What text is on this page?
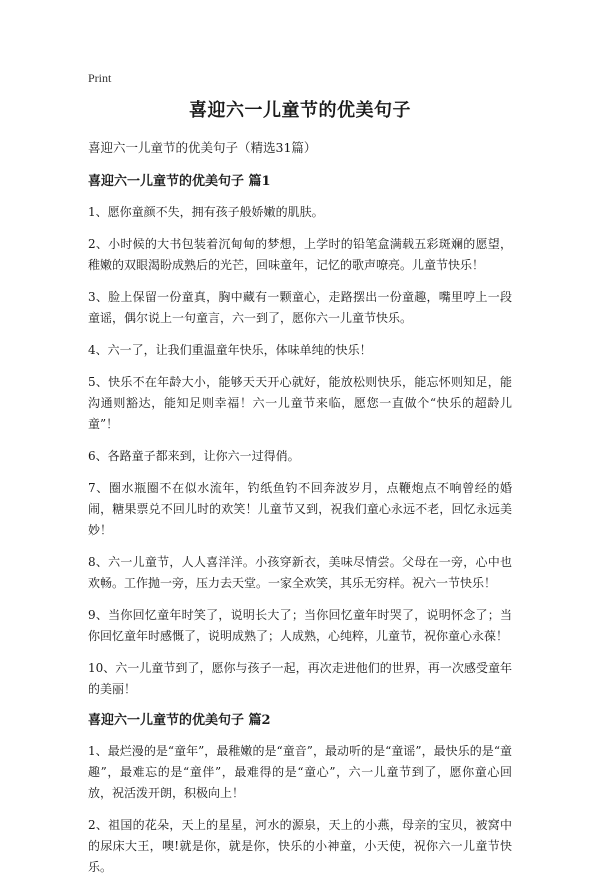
Print
喜迎六一儿童节的优美句子
喜迎六一儿童节的优美句子（精选31篇）
喜迎六一儿童节的优美句子 篇1

1、愿你童颜不失，拥有孩子般娇嫩的肌肤。

2、小时候的大书包装着沉甸甸的梦想，上学时的铅笔盒满载五彩斑斓的愿望，稚嫩的双眼渴盼成熟后的光芒，回味童年，记忆的歌声嘹亮。儿童节快乐！

3、脸上保留一份童真，胸中藏有一颗童心，走路摆出一份童趣，嘴里哼上一段童谣，偶尔说上一句童言，六一到了，愿你六一儿童节快乐。

4、六一了，让我们重温童年快乐，体味单纯的快乐！

5、快乐不在年龄大小，能够天天开心就好，能放松则快乐，能忘怀则知足，能沟通则豁达，能知足则幸福！六一儿童节来临，愿您一直做个“快乐的超龄儿童”！

6、各路童子都来到，让你六一过得俏。

7、圈水瓶圈不在似水流年，钓纸鱼钓不回奔波岁月，点鞭炮点不响曾经的婚闹，糖果票兑不回儿时的欢笑！儿童节又到，祝我们童心永远不老，回忆永远美妙！

8、六一儿童节，人人喜洋洋。小孩穿新衣，美味尽情尝。父母在一旁，心中也欢畅。工作抛一旁，压力去天堂。一家全欢笑，其乐无穷样。祝六一节快乐！

9、当你回忆童年时笑了，说明长大了；当你回忆童年时哭了，说明怀念了；当你回忆童年时感慨了，说明成熟了；人成熟，心纯粹，儿童节，祝你童心永葆！

10、六一儿童节到了，愿你与孩子一起，再次走进他们的世界，再一次感受童年的美丽！

喜迎六一儿童节的优美句子 篇2

1、最烂漫的是“童年”，最稚嫩的是“童音”，最动听的是“童谣”，最快乐的是“童趣”，最难忘的是“童伴”，最难得的是“童心”，六一儿童节到了，愿你童心回放，祝活泼开朗，积极向上！

2、祖国的花朵，天上的星星，河水的源泉，天上的小燕，母亲的宝贝，被窝中的尿床大王，噢!就是你，就是你，快乐的小神童，小天使，祝你六一儿童节快乐。
